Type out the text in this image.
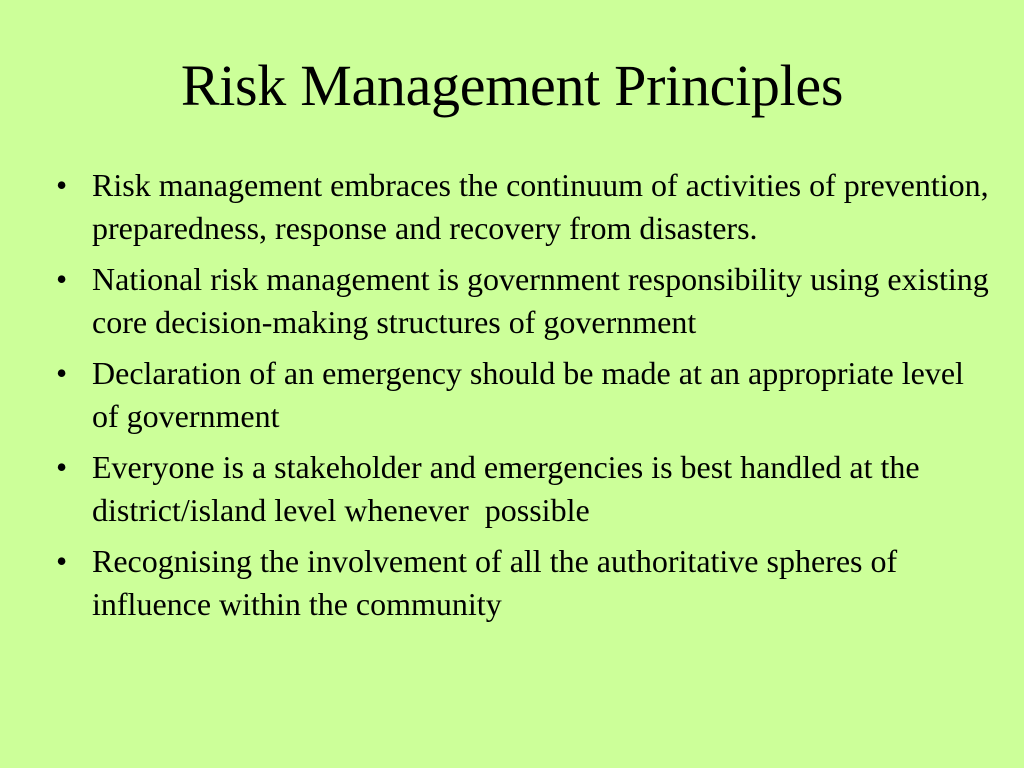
Risk Management Principles
• Risk management embraces the continuum of activities of prevention, preparedness, response and recovery from disasters.
• National risk management is government responsibility using existing core decision-making structures of government
• Declaration of an emergency should be made at an appropriate level of government
• Everyone is a stakeholder and emergencies is best handled at the district/island level whenever  possible
• Recognising the involvement of all the authoritative spheres of influence within the community
